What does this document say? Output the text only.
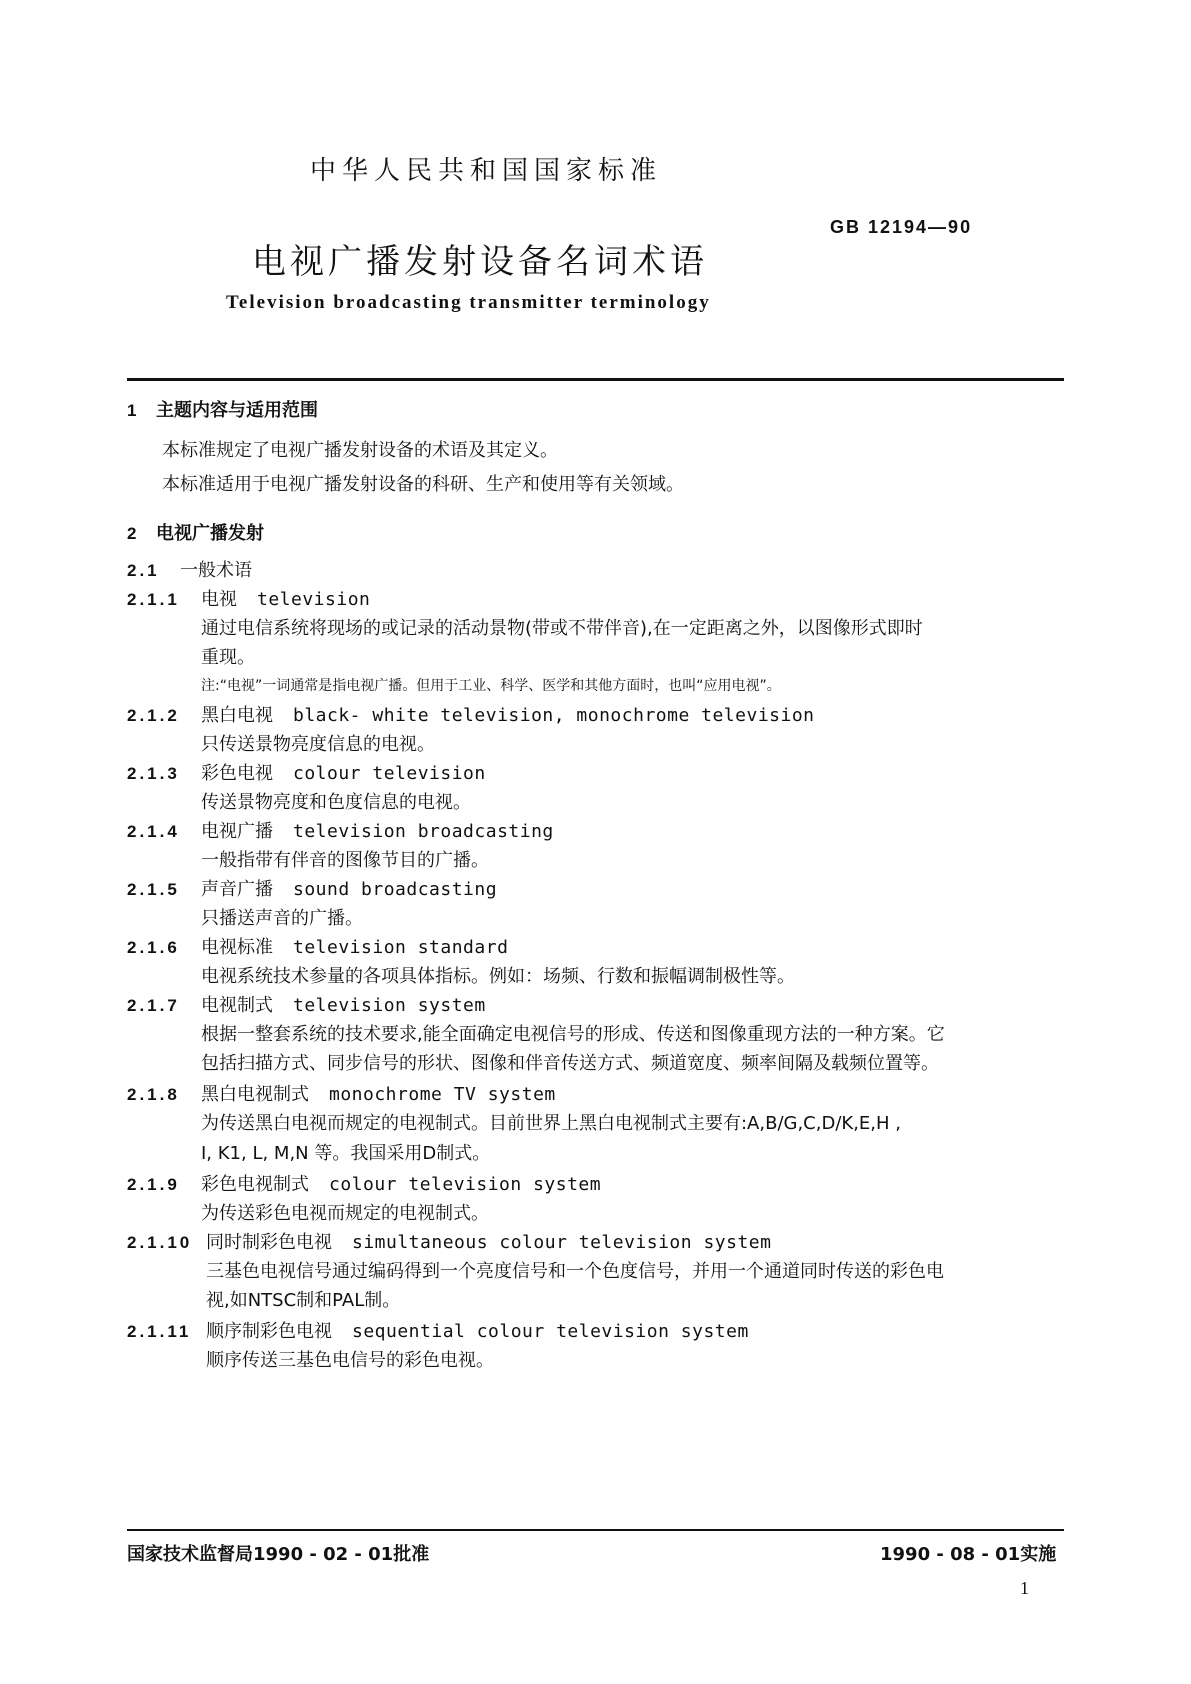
中华人民共和国国家标准
GB 12194—90
电视广播发射设备名词术语
Television broadcasting transmitter terminology
1 主题内容与适用范围
本标准规定了电视广播发射设备的术语及其定义。
本标准适用于电视广播发射设备的科研、生产和使用等有关领域。
2 电视广播发射
2.1	一般术语
2.1.1	电视 television
通过电信系统将现场的或记录的活动景物(带或不带伴音),在一定距离之外，以图像形式即时
重现。
注:“电视”一词通常是指电视广播。但用于工业、科学、医学和其他方面时，也叫“应用电视”。
2.1.2	黑白电视 black- white television, monochrome television
只传送景物亮度信息的电视。
2.1.3	彩色电视 colour television
传送景物亮度和色度信息的电视。
2.1.4	电视广播 television broadcasting
一般指带有伴音的图像节目的广播。
2.1.5	声音广播 sound broadcasting
只播送声音的广播。
2.1.6	电视标准 television standard
电视系统技术参量的各项具体指标。例如：场频、行数和振幅调制极性等。
2.1.7	电视制式 television system
根据一整套系统的技术要求,能全面确定电视信号的形成、传送和图像重现方法的一种方案。它
包括扫描方式、同步信号的形状、图像和伴音传送方式、频道宽度、频率间隔及载频位置等。
2.1.8	黑白电视制式 monochrome TV system
为传送黑白电视而规定的电视制式。目前世界上黑白电视制式主要有:A,B/G,C,D/K,E,H ,
I, K1, L, M,N 等。我国采用D制式。
2.1.9	彩色电视制式 colour television system
为传送彩色电视而规定的电视制式。
2.1.10 同时制彩色电视 simultaneous colour television system
三基色电视信号通过编码得到一个亮度信号和一个色度信号，并用一个通道同时传送的彩色电
视,如NTSC制和PAL制。
2.1.11 顺序制彩色电视 sequential colour television system
顺序传送三基色电信号的彩色电视。
国家技术监督局1990 - 02 - 01批准	1990 - 08 - 01实施
1
